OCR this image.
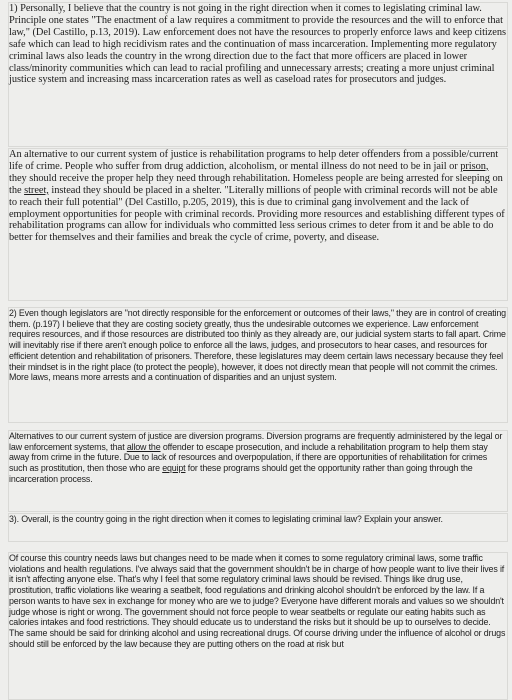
1) Personally, I believe that the country is not going in the right direction when it comes to legislating criminal law. Principle one states "The enactment of a law requires a commitment to provide the resources and the will to enforce that law," (Del Castillo, p.13, 2019). Law enforcement does not have the resources to properly enforce laws and keep citizens safe which can lead to high recidivism rates and the continuation of mass incarceration. Implementing more regulatory criminal laws also leads the country in the wrong direction due to the fact that more officers are placed in lower class/minority communities which can lead to racial profiling and unnecessary arrests; creating a more unjust criminal justice system and increasing mass incarceration rates as well as caseload rates for prosecutors and judges.

An alternative to our current system of justice is rehabilitation programs to help deter offenders from a possible/current life of crime. People who suffer from drug addiction, alcoholism, or mental illness do not need to be in jail or prison, they should receive the proper help they need through rehabilitation. Homeless people are being arrested for sleeping on the street, instead they should be placed in a shelter. "Literally millions of people with criminal records will not be able to reach their full potential" (Del Castillo, p.205, 2019), this is due to criminal gang involvement and the lack of employment opportunities for people with criminal records. Providing more resources and establishing different types of rehabilitation programs can allow for individuals who committed less serious crimes to deter from it and be able to do better for themselves and their families and break the cycle of crime, poverty, and disease.

2) Even though legislators are "not directly responsible for the enforcement or outcomes of their laws," they are in control of creating them. (p.197) I believe that they are costing society greatly, thus the undesirable outcomes we experience. Law enforcement requires resources, and if those resources are distributed too thinly as they already are, our judicial system starts to fall apart. Crime will inevitably rise if there aren't enough police to enforce all the laws, judges, and prosecutors to hear cases, and resources for efficient detention and rehabilitation of prisoners. Therefore, these legislatures may deem certain laws necessary because they feel their mindset is in the right place (to protect the people), however, it does not directly mean that people will not commit the crimes. More laws, means more arrests and a continuation of disparities and an unjust system.

Alternatives to our current system of justice are diversion programs. Diversion programs are frequently administered by the legal or law enforcement systems, that allow the offender to escape prosecution, and include a rehabilitation program to help them stay away from crime in the future. Due to lack of resources and overpopulation, if there are opportunities of rehabilitation for crimes such as prostitution, then those who are equipt for these programs should get the opportunity rather than going through the incarceration process.

3). Overall, is the country going in the right direction when it comes to legislating criminal law? Explain your answer.

Of course this country needs laws but changes need to be made when it comes to some regulatory criminal laws, some traffic violations and health regulations. I've always said that the government shouldn't be in charge of how people want to live their lives if it isn't affecting anyone else. That's why I feel that some regulatory criminal laws should be revised. Things like drug use, prostitution, traffic violations like wearing a seatbelt, food regulations and drinking alcohol shouldn't be enforced by the law. If a person wants to have sex in exchange for money who are we to judge? Everyone have different morals and values so we shouldn't judge whose is right or wrong. The government should not force people to wear seatbelts or regulate our eating habits such as calories intakes and food restrictions. They should educate us to understand the risks but it should be up to ourselves to decide. The same should be said for drinking alcohol and using recreational drugs. Of course driving under the influence of alcohol or drugs should still be enforced by the law because they are putting others on the road at risk but
